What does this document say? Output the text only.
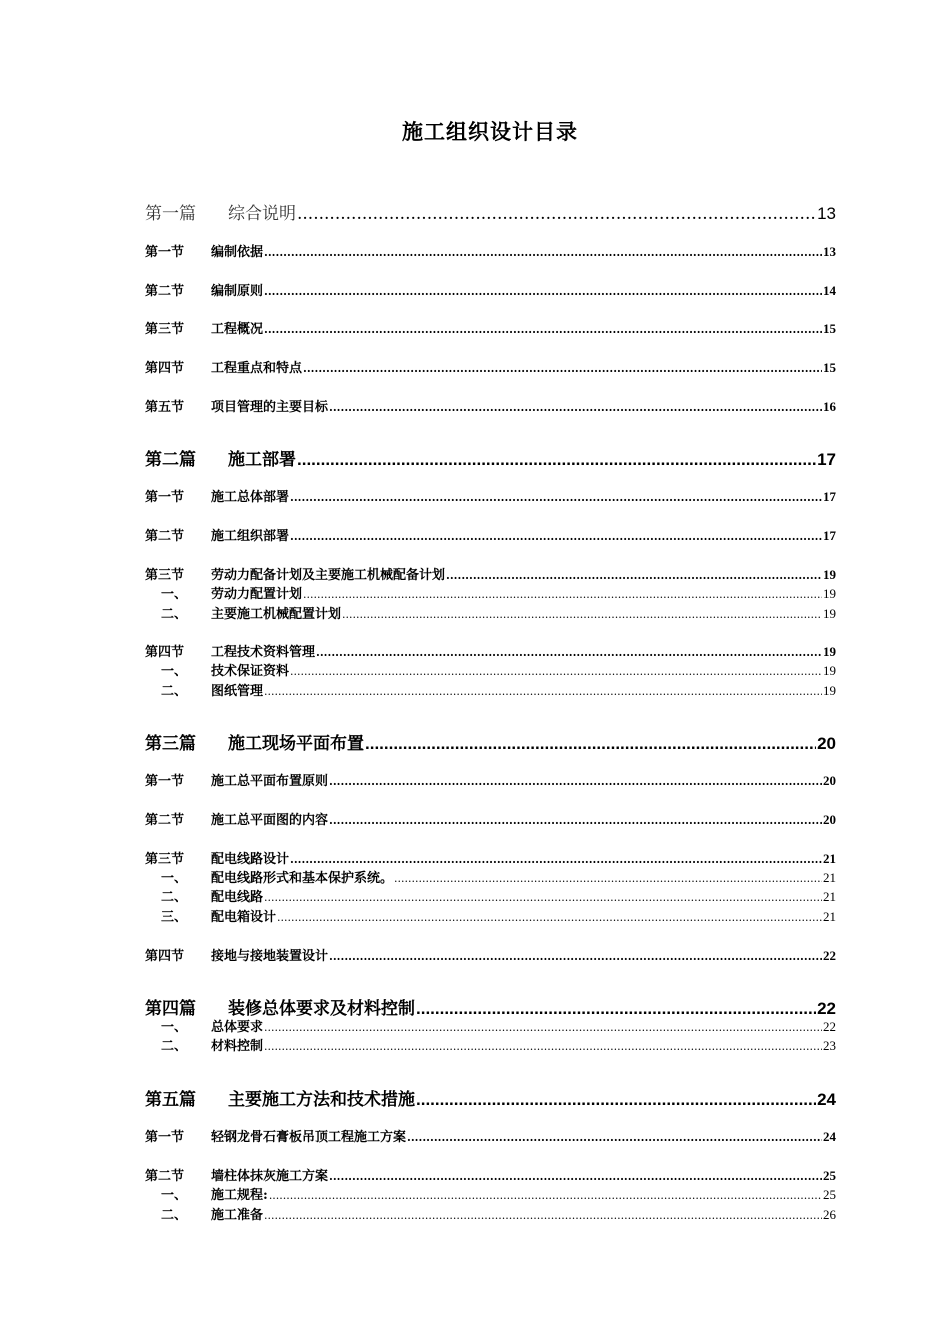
施工组织设计目录
第一篇	综合说明 .....	13
第一节	编制依据 .....	13
第二节	编制原则 .....	14
第三节	工程概况 .....	15
第四节	工程重点和特点 .....	15
第五节	项目管理的主要目标 .....	16
第二篇	施工部署 .....	17
第一节	施工总体部署 .....	17
第二节	施工组织部署 .....	17
第三节	劳动力配备计划及主要施工机械配备计划 .....	19
一、	劳动力配置计划 .....	19
二、	主要施工机械配置计划 .....	19
第四节	工程技术资料管理 .....	19
一、	技术保证资料 .....	19
二、	图纸管理 .....	19
第三篇	施工现场平面布置 .....	20
第一节	施工总平面布置原则 .....	20
第二节	施工总平面图的内容 .....	20
第三节	配电线路设计 .....	21
一、	配电线路形式和基本保护系统。 .....	21
二、	配电线路 .....	21
三、	配电箱设计 .....	21
第四节	接地与接地装置设计 .....	22
第四篇	装修总体要求及材料控制 .....	22
一、	总体要求 .....	22
二、	材料控制 .....	23
第五篇	主要施工方法和技术措施 .....	24
第一节	轻钢龙骨石膏板吊顶工程施工方案 .....	24
第二节	墙柱体抹灰施工方案 .....	25
一、	施工规程: .....	25
二、	施工准备 .....	26
